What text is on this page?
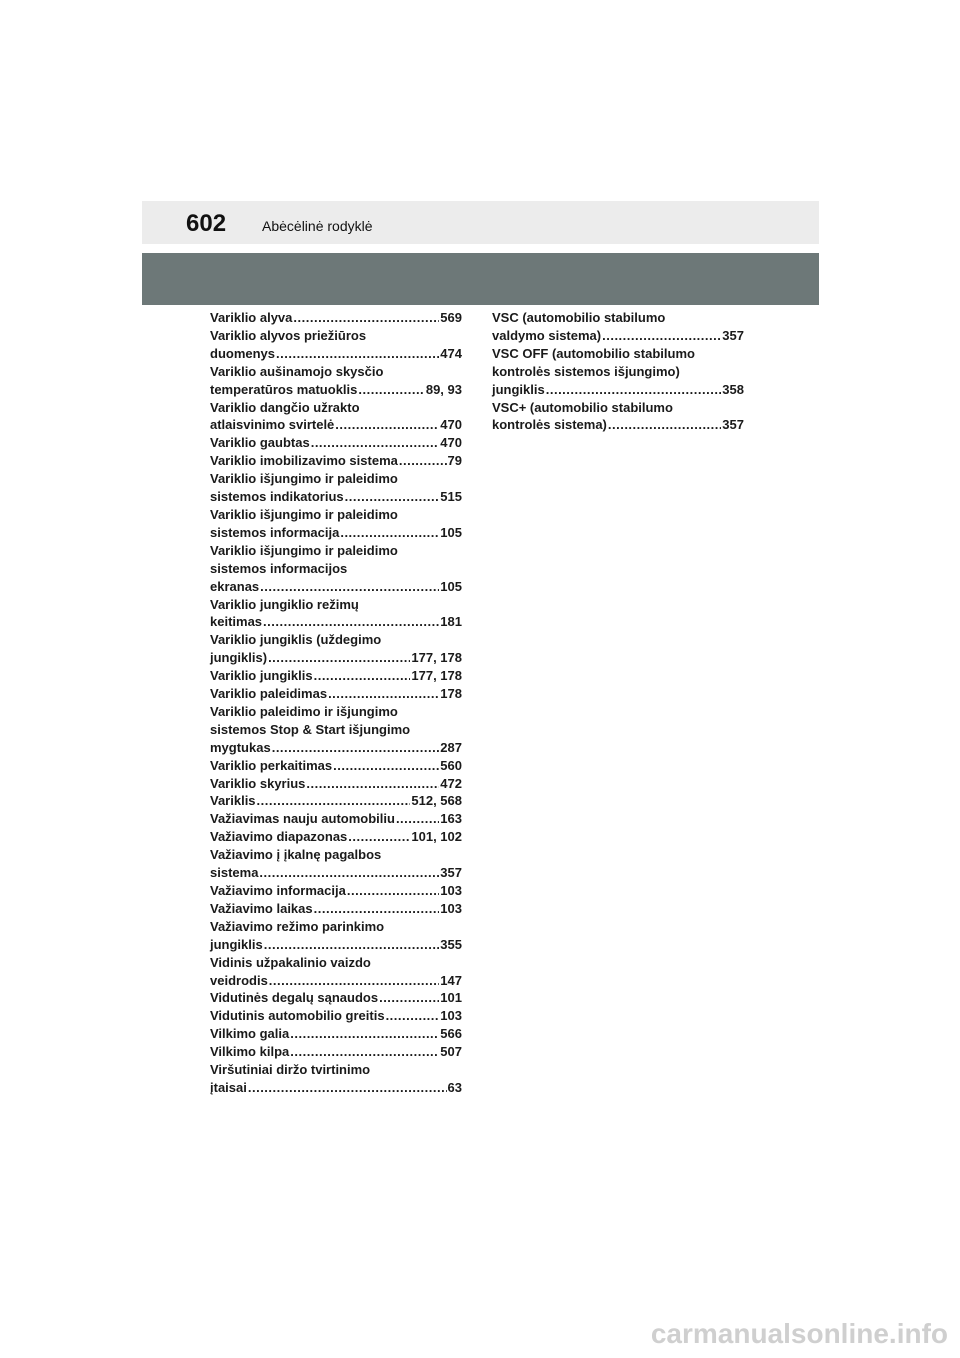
602	Abėcėlinė rodyklė
Variklio alyva .....	569
Variklio alyvos priežiūros
duomenys .....	474
Variklio aušinamojo skysčio
temperatūros matuoklis .....	89, 93
Variklio dangčio užrakto
atlaisvinimo svirtelė .....	470
Variklio gaubtas .....	470
Variklio imobilizavimo sistema .....	79
Variklio išjungimo ir paleidimo
sistemos indikatorius .....	515
Variklio išjungimo ir paleidimo
sistemos informacija .....	105
Variklio išjungimo ir paleidimo
sistemos informacijos
ekranas .....	105
Variklio jungiklio režimų
keitimas .....	181
Variklio jungiklis (uždegimo
jungiklis) .....	177, 178
Variklio jungiklis .....	177, 178
Variklio paleidimas .....	178
Variklio paleidimo ir išjungimo
sistemos Stop & Start išjungimo
mygtukas .....	287
Variklio perkaitimas .....	560
Variklio skyrius .....	472
Variklis .....	512, 568
Važiavimas nauju automobiliu .....	163
Važiavimo diapazonas .....	101, 102
Važiavimo į įkalnę pagalbos
sistema .....	357
Važiavimo informacija .....	103
Važiavimo laikas .....	103
Važiavimo režimo parinkimo
jungiklis .....	355
Vidinis užpakalinio vaizdo
veidrodis .....	147
Vidutinės degalų sąnaudos .....	101
Vidutinis automobilio greitis .....	103
Vilkimo galia .....	566
Vilkimo kilpa .....	507
Viršutiniai diržo tvirtinimo
įtaisai .....	63
VSC (automobilio stabilumo
valdymo sistema) .....	357
VSC OFF (automobilio stabilumo
kontrolės sistemos išjungimo)
jungiklis .....	358
VSC+ (automobilio stabilumo
kontrolės sistema) .....	357
carmanualsonline.info
